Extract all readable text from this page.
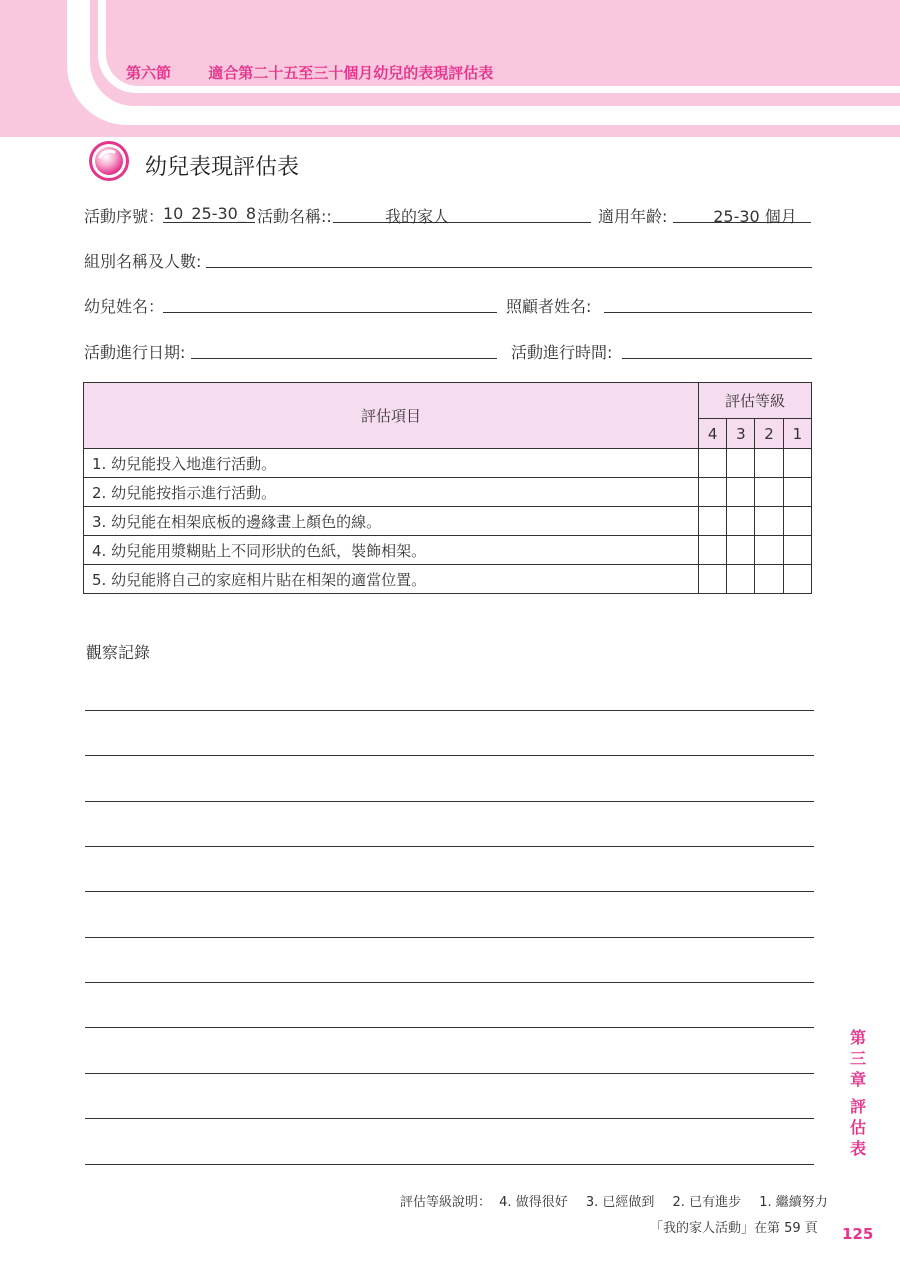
第六節 適合第二十五至三十個月幼兒的表現評估表
幼兒表現評估表
活動序號：
10_25-30_8 活動名稱::	我的家人	適用年齡:	25-30 個月
組別名稱及人數:
幼兒姓名：	照顧者姓名:
活動進行日期:	活動進行時間:
評估項目	評估等級			
	4	3	2	1
1. 幼兒能投入地進行活動。				
2. 幼兒能按指示進行活動。				
3. 幼兒能在相架底板的邊緣畫上顏色的線。				
4. 幼兒能用漿糊貼上不同形狀的色紙，裝飾相架。				
5. 幼兒能將自己的家庭相片貼在相架的適當位置。				
觀察記錄
第
三
章
評
估
表
評估等級說明： 4. 做得很好 3. 已經做到 2. 已有進步 1. 繼續努力
「我的家人活動」在第 59 頁 125
